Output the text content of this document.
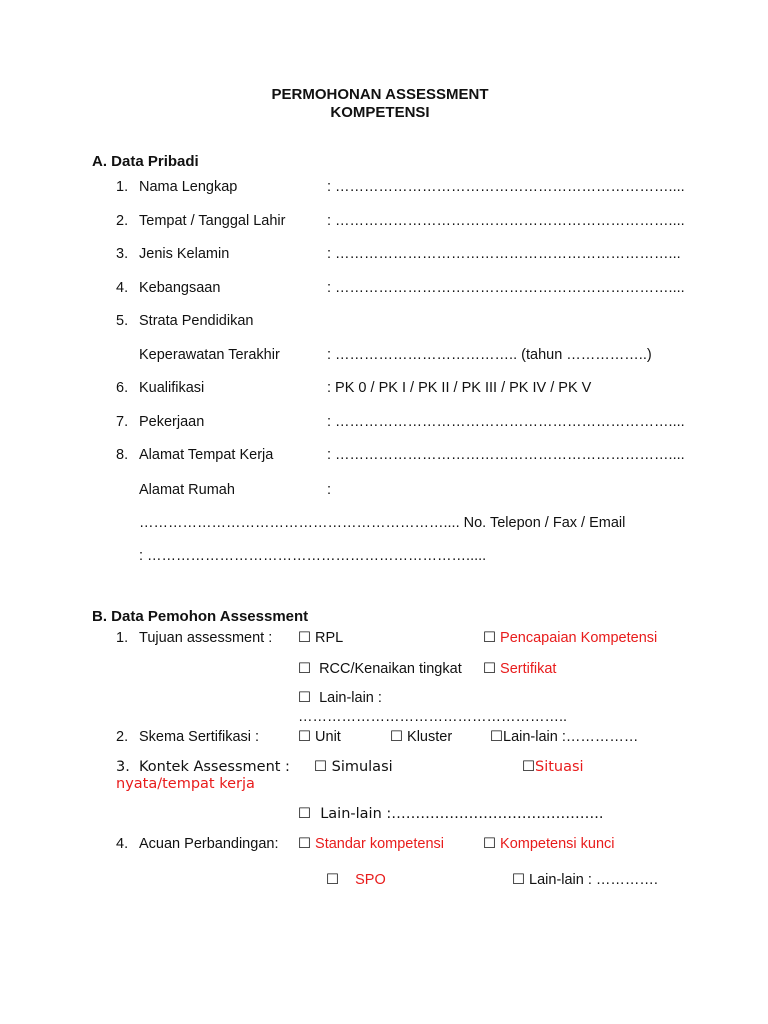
PERMOHONAN ASSESSMENT
KOMPETENSI
A. Data Pribadi
1. Nama Lengkap	: ……………………………………………………………....
2. Tempat / Tanggal Lahir	: ……………………………………………………………....
3. Jenis Kelamin	: ……………………………………………………………...
4. Kebangsaan	: ……………………………………………………………....
5. Strata Pendidikan
Keperawatan Terakhir	: ……………………………….. (tahun ……………..)
6. Kualifikasi	: PK 0 / PK I / PK II / PK III / PK IV / PK V
7. Pekerjaan	: ……………………………………………………………....
8. Alamat Tempat Kerja	: ……………………………………………………………....
Alamat Rumah	:
……………………………………………………….... No. Telepon / Fax / Email
: ………………………………………………………….....
B. Data Pemohon Assessment
1. Tujuan assessment : ☐ RPL	☐ Pencapaian Kompetensi
☐ RCC/Kenaikan tingkat ☐ Sertifikat
☐ Lain-lain :
………………………………………………..
2. Skema Sertifikasi :	☐ Unit	☐ Kluster	☐Lain-lain :……………
3. Kontek Assessment : ☐ Simulasi	☐Situasi
nyata/tempat kerja
☐ Lain-lain :……………………………………..
4. Acuan Perbandingan: ☐ Standar kompetensi	☐ Kompetensi kunci
☐ SPO	☐ Lain-lain : ………….
